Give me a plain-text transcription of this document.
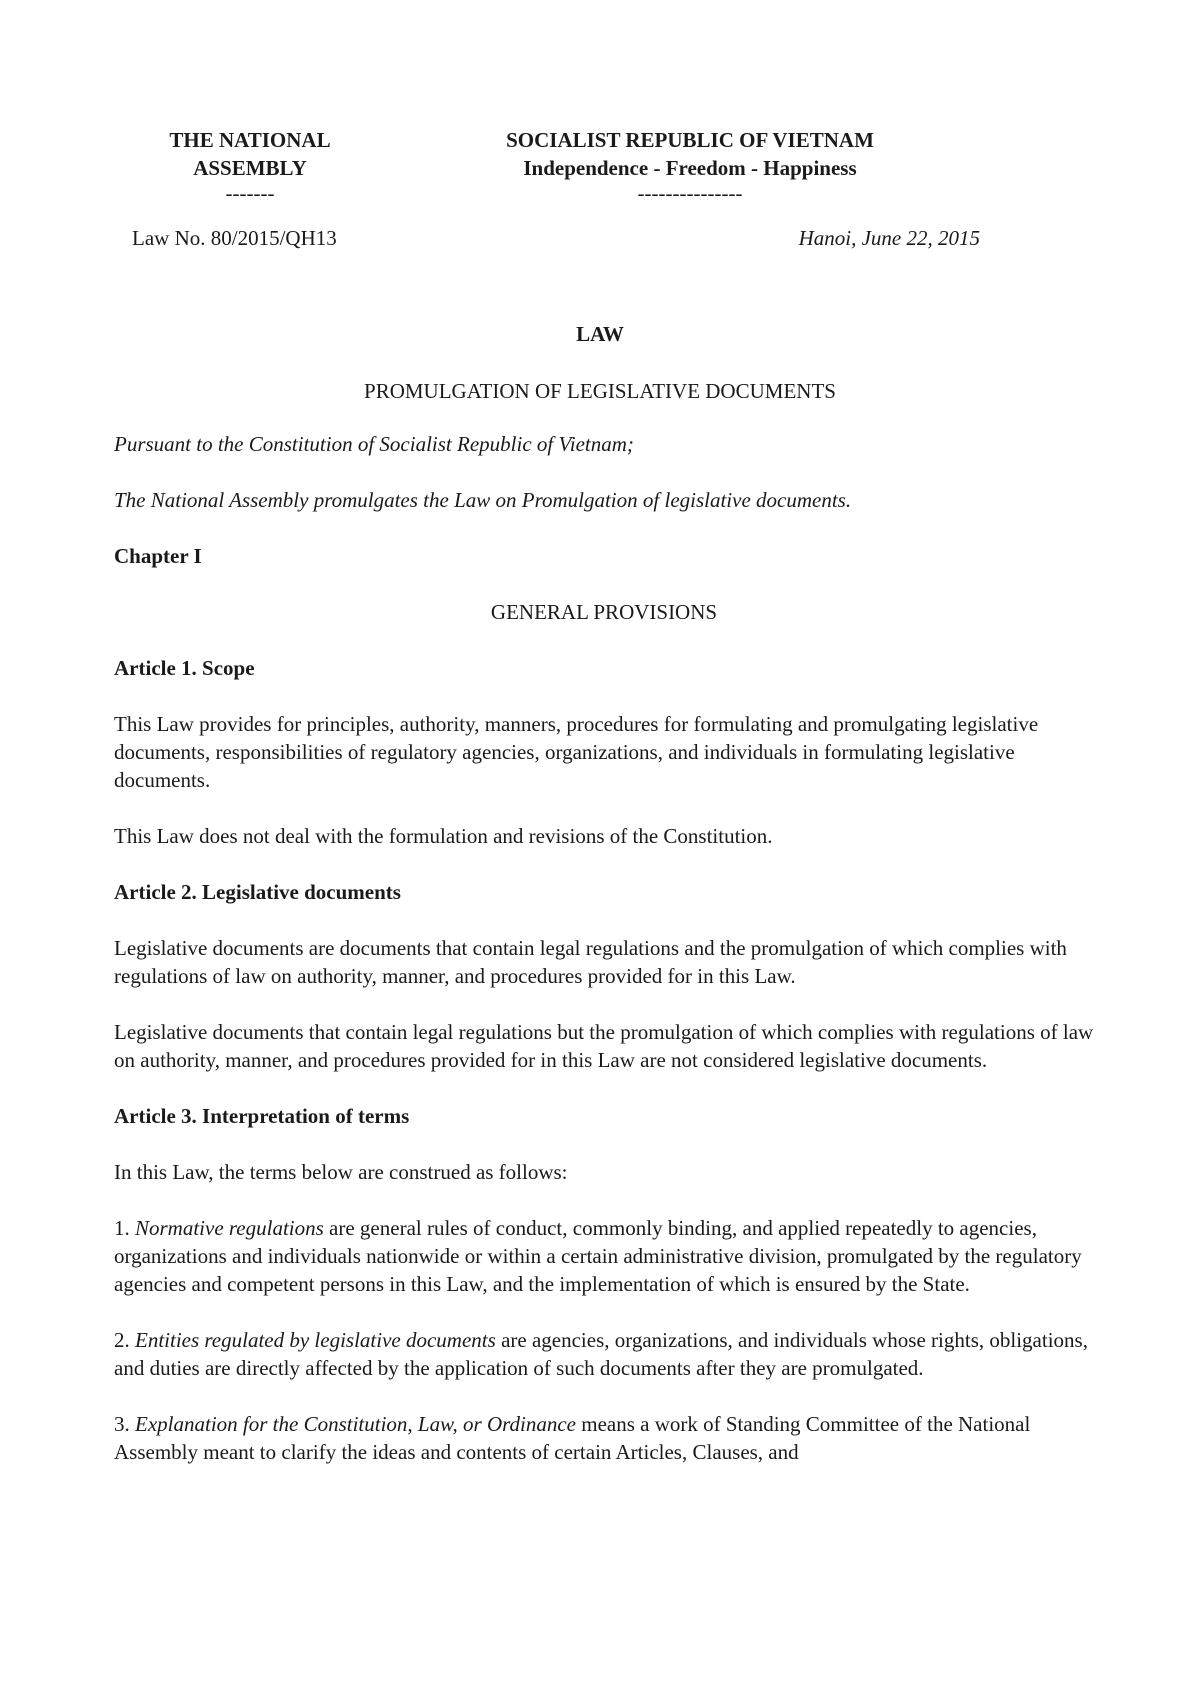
THE NATIONAL
ASSEMBLY
-------
SOCIALIST REPUBLIC OF VIETNAM
Independence - Freedom - Happiness
---------------
Law No. 80/2015/QH13	Hanoi, June 22, 2015
LAW
PROMULGATION OF LEGISLATIVE DOCUMENTS

Pursuant to the Constitution of Socialist Republic of Vietnam;

The National Assembly promulgates the Law on Promulgation of legislative documents.

Chapter I

GENERAL PROVISIONS

Article 1. Scope

This Law provides for principles, authority, manners, procedures for formulating and promulgating legislative documents, responsibilities of regulatory agencies, organizations, and individuals in formulating legislative documents.

This Law does not deal with the formulation and revisions of the Constitution.

Article 2. Legislative documents

Legislative documents are documents that contain legal regulations and the promulgation of which complies with regulations of law on authority, manner, and procedures provided for in this Law.

Legislative documents that contain legal regulations but the promulgation of which complies with regulations of law on authority, manner, and procedures provided for in this Law are not considered legislative documents.

Article 3. Interpretation of terms

In this Law, the terms below are construed as follows:

1. Normative regulations are general rules of conduct, commonly binding, and applied repeatedly to agencies, organizations and individuals nationwide or within a certain administrative division, promulgated by the regulatory agencies and competent persons in this Law, and the implementation of which is ensured by the State.

2. Entities regulated by legislative documents are agencies, organizations, and individuals whose rights, obligations, and duties are directly affected by the application of such documents after they are promulgated.

3. Explanation for the Constitution, Law, or Ordinance means a work of Standing Committee of the National Assembly meant to clarify the ideas and contents of certain Articles, Clauses, and
